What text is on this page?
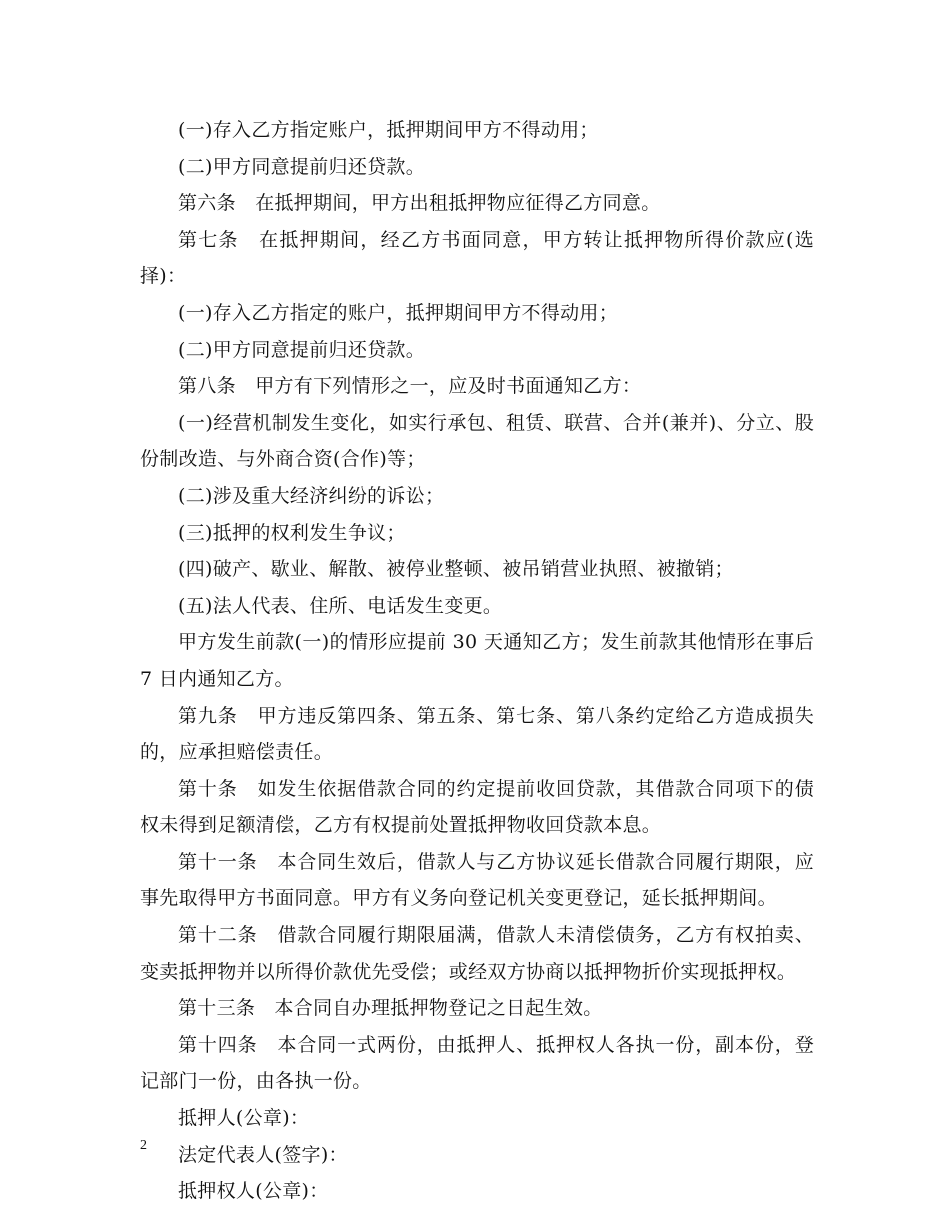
(一)存入乙方指定账户，抵押期间甲方不得动用；

(二)甲方同意提前归还贷款。

第六条　在抵押期间，甲方出租抵押物应征得乙方同意。

第七条　在抵押期间，经乙方书面同意，甲方转让抵押物所得价款应(选择)：

(一)存入乙方指定的账户，抵押期间甲方不得动用；

(二)甲方同意提前归还贷款。

第八条　甲方有下列情形之一，应及时书面通知乙方：

(一)经营机制发生变化，如实行承包、租赁、联营、合并(兼并)、分立、股份制改造、与外商合资(合作)等；

(二)涉及重大经济纠纷的诉讼；

(三)抵押的权利发生争议；

(四)破产、歇业、解散、被停业整顿、被吊销营业执照、被撤销；

(五)法人代表、住所、电话发生变更。

甲方发生前款(一)的情形应提前 30 天通知乙方；发生前款其他情形在事后 7 日内通知乙方。

第九条　甲方违反第四条、第五条、第七条、第八条约定给乙方造成损失的，应承担赔偿责任。

第十条　如发生依据借款合同的约定提前收回贷款，其借款合同项下的债权未得到足额清偿，乙方有权提前处置抵押物收回贷款本息。

第十一条　本合同生效后，借款人与乙方协议延长借款合同履行期限，应事先取得甲方书面同意。甲方有义务向登记机关变更登记，延长抵押期间。

第十二条　借款合同履行期限届满，借款人未清偿债务，乙方有权拍卖、变卖抵押物并以所得价款优先受偿；或经双方协商以抵押物折价实现抵押权。

第十三条　本合同自办理抵押物登记之日起生效。

第十四条　本合同一式两份，由抵押人、抵押权人各执一份，副本份，登记部门一份，由各执一份。

抵押人(公章)：

法定代表人(签字)：

抵押权人(公章)：

2
